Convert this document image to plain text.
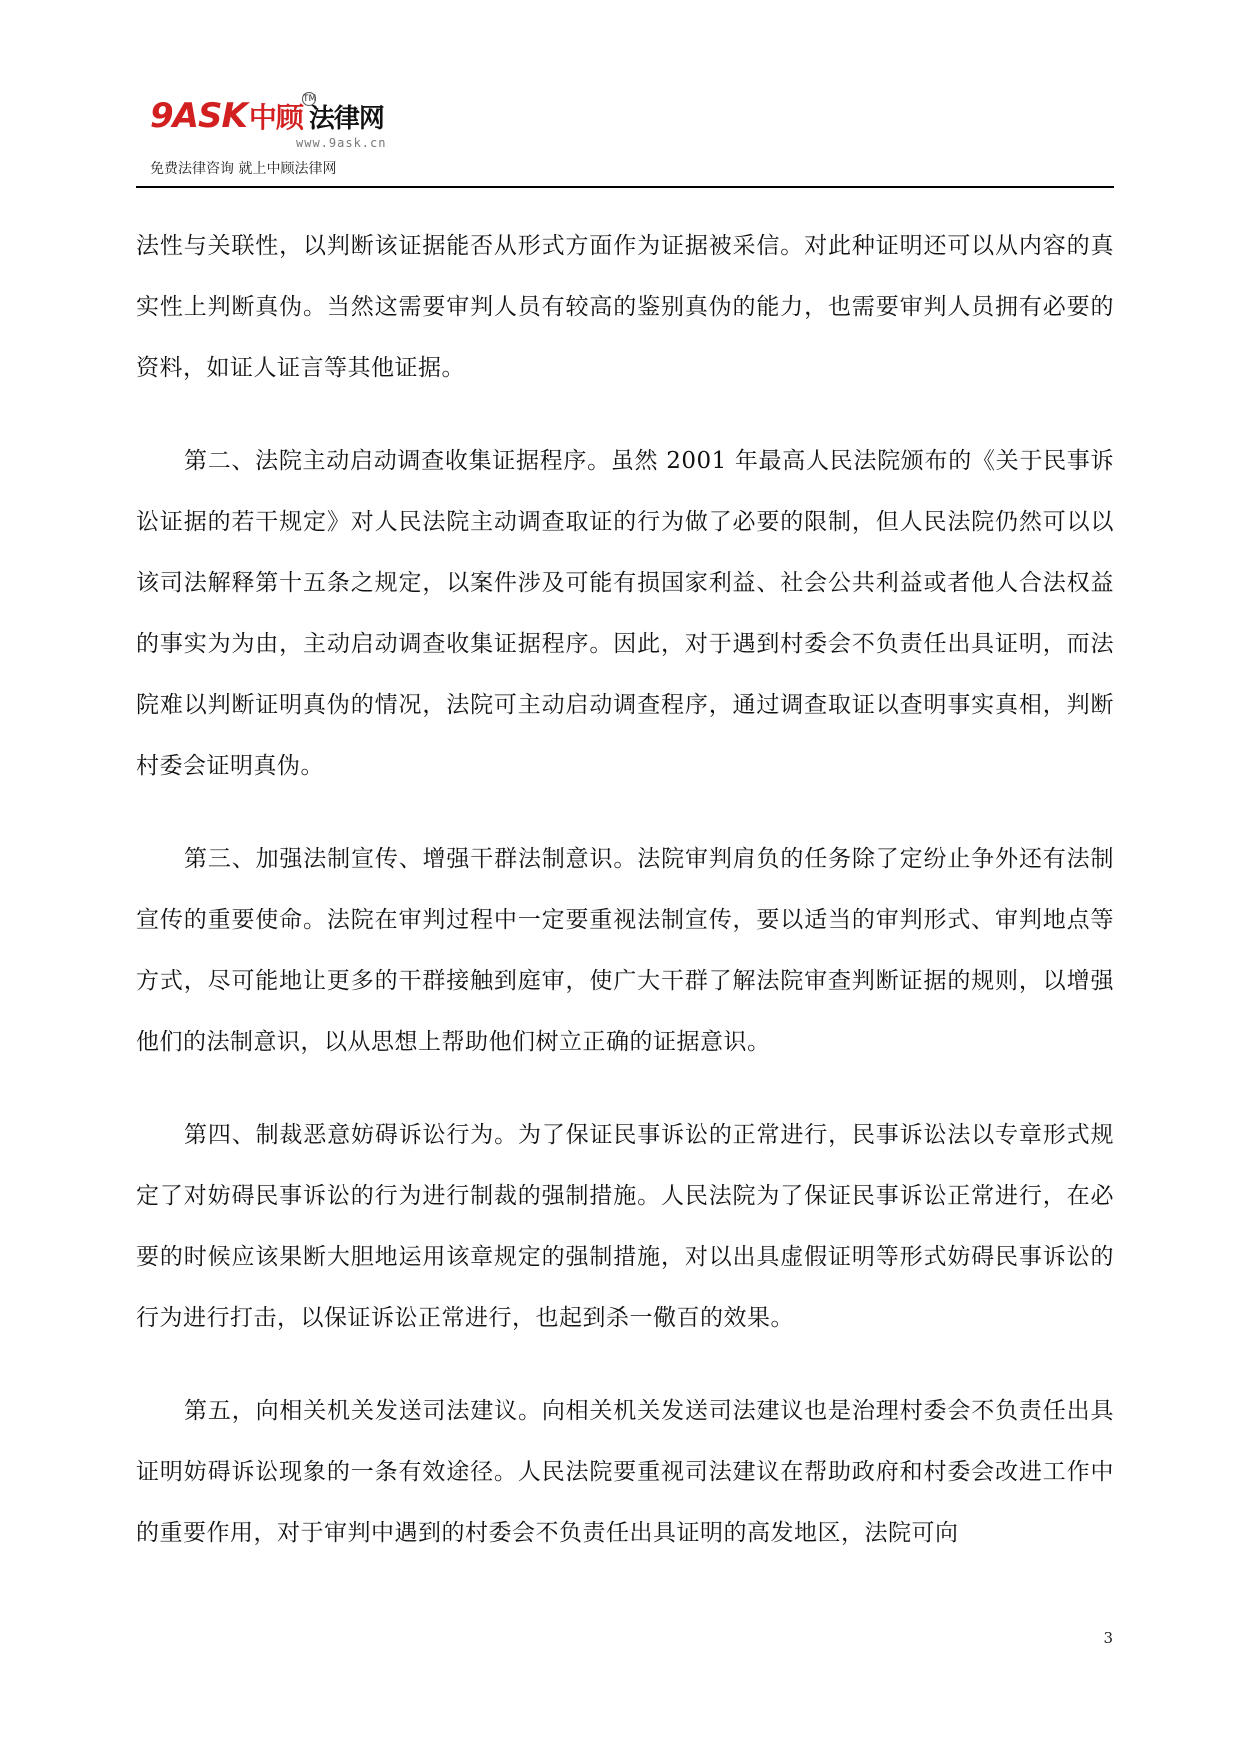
9ASK中顾 法律网
TM
www.9ask.cn
免费法律咨询 就上中顾法律网

法性与关联性，以判断该证据能否从形式方面作为证据被采信。对此种证明还可以从内容的真实性上判断真伪。当然这需要审判人员有较高的鉴别真伪的能力，也需要审判人员拥有必要的资料，如证人证言等其他证据。

第二、法院主动启动调查收集证据程序。虽然 2001 年最高人民法院颁布的《关于民事诉讼证据的若干规定》对人民法院主动调查取证的行为做了必要的限制，但人民法院仍然可以以该司法解释第十五条之规定，以案件涉及可能有损国家利益、社会公共利益或者他人合法权益的事实为为由，主动启动调查收集证据程序。因此，对于遇到村委会不负责任出具证明，而法院难以判断证明真伪的情况，法院可主动启动调查程序，通过调查取证以查明事实真相，判断村委会证明真伪。

第三、加强法制宣传、增强干群法制意识。法院审判肩负的任务除了定纷止争外还有法制宣传的重要使命。法院在审判过程中一定要重视法制宣传，要以适当的审判形式、审判地点等方式，尽可能地让更多的干群接触到庭审，使广大干群了解法院审查判断证据的规则，以增强他们的法制意识，以从思想上帮助他们树立正确的证据意识。

第四、制裁恶意妨碍诉讼行为。为了保证民事诉讼的正常进行，民事诉讼法以专章形式规定了对妨碍民事诉讼的行为进行制裁的强制措施。人民法院为了保证民事诉讼正常进行，在必要的时候应该果断大胆地运用该章规定的强制措施，对以出具虚假证明等形式妨碍民事诉讼的行为进行打击，以保证诉讼正常进行，也起到杀一儆百的效果。

第五，向相关机关发送司法建议。向相关机关发送司法建议也是治理村委会不负责任出具证明妨碍诉讼现象的一条有效途径。人民法院要重视司法建议在帮助政府和村委会改进工作中的重要作用，对于审判中遇到的村委会不负责任出具证明的高发地区，法院可向

3
